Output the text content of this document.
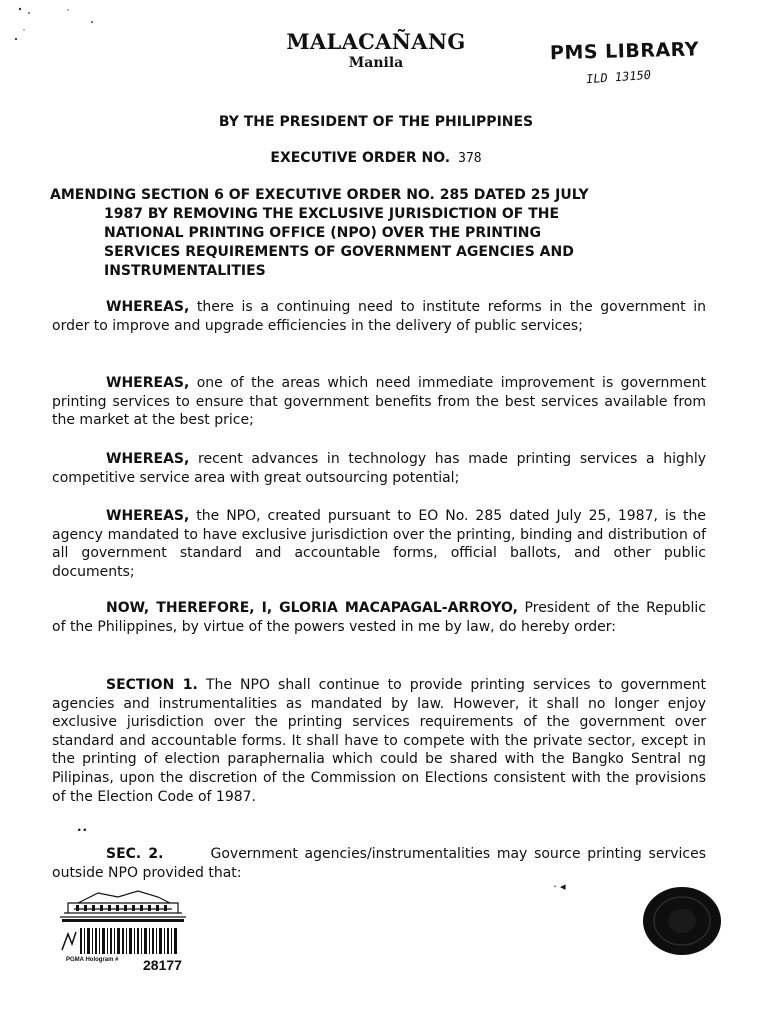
MALACAÑANG
Manila	PMS LIBRARY
ILD 13150
BY THE PRESIDENT OF THE PHILIPPINES
EXECUTIVE ORDER NO. 378
AMENDING SECTION 6 OF EXECUTIVE ORDER NO. 285 DATED 25 JULY
1987 BY REMOVING THE EXCLUSIVE JURISDICTION OF THE
NATIONAL PRINTING OFFICE (NPO) OVER THE PRINTING
SERVICES REQUIREMENTS OF GOVERNMENT AGENCIES AND
INSTRUMENTALITIES

WHEREAS, there is a continuing need to institute reforms in the government in order to improve and upgrade efficiencies in the delivery of public services;

WHEREAS, one of the areas which need immediate improvement is government printing services to ensure that government benefits from the best services available from the market at the best price;

WHEREAS, recent advances in technology has made printing services a highly competitive service area with great outsourcing potential;

WHEREAS, the NPO, created pursuant to EO No. 285 dated July 25, 1987, is the agency mandated to have exclusive jurisdiction over the printing, binding and distribution of all government standard and accountable forms, official ballots, and other public documents;

NOW, THEREFORE, I, GLORIA MACAPAGAL-ARROYO, President of the Republic of the Philippines, by virtue of the powers vested in me by law, do hereby order:

SECTION 1. The NPO shall continue to provide printing services to government agencies and instrumentalities as mandated by law. However, it shall no longer enjoy exclusive jurisdiction over the printing services requirements of the government over standard and accountable forms. It shall have to compete with the private sector, except in the printing of election paraphernalia which could be shared with the Bangko Sentral ng Pilipinas, upon the discretion of the Commission on Elections consistent with the provisions of the Election Code of 1987.

··

SEC. 2.       Government agencies/instrumentalities may source printing services outside NPO provided that:

· ◂
PGMA Hologram # 28177
